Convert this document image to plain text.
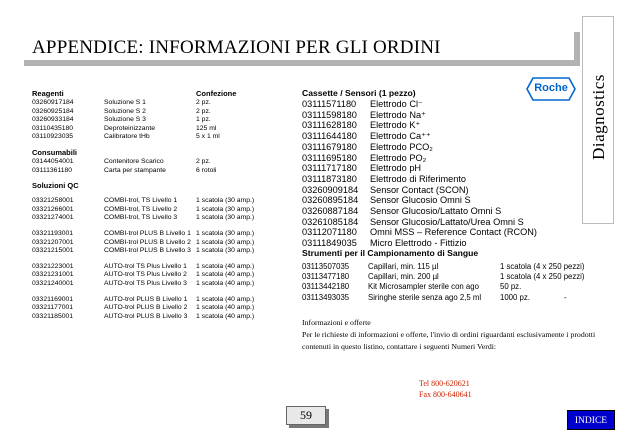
APPENDICE: INFORMAZIONI PER GLI ORDINI
Diagnostics
Roche
Reagenti	Confezione
03260917184	Soluzione S 1	2 pz.
03260925184	Soluzione S 2	2 pz.
03260933184	Soluzione S 3	1 pz.
03110435180	Deproteinizzante	125 ml
03110923035	Calibratore tHb	5 x 1 ml
Consumabili
03144054001	Contenitore Scarico	2 pz.
03111361180	Carta per stampante	6 rotoli
Soluzioni QC
03321258001	COMBI-trol, TS Livello 1	1 scatola (30 amp.)
03321266001	COMBI-trol, TS Livello 2	1 scatola (30 amp.)
03321274001	COMBI-trol, TS Livello 3	1 scatola (30 amp.)
03321193001	COMBI-trol PLUS B Livello 1 1 scatola (30 amp.)
03321207001	COMBI-trol PLUS B Livello 2 1 scatola (30 amp.)
03321215001	COMBI-trol PLUS B Livello 3 1 scatola (30 amp.)
03321223001	AUTO-trol TS Plus Livello 1	1 scatola (40 amp.)
03321231001	AUTO-trol TS Plus Livello 2	1 scatola (40 amp.)
03321240001	AUTO-trol TS Plus Livello 3	1 scatola (40 amp.)
03321169001	AUTO-trol PLUS B Livello 1	1 scatola (40 amp.)
03321177001	AUTO-trol PLUS B Livello 2	1 scatola (40 amp.)
03321185001	AUTO-trol PLUS B Livello 3	1 scatola (40 amp.)
Cassette / Sensori (1 pezzo)
03111571180	Elettrodo Cl⁻
03111598180	Elettrodo Na⁺
03111628180	Elettrodo K⁺
03111644180	Elettrodo Ca⁺⁺
03111679180	Elettrodo PCO₂
03111695180	Elettrodo PO₂
03111717180	Elettrodo pH
03111873180	Elettrodo di Riferimento
03260909184	Sensor Contact (SCON)
03260895184	Sensor Glucosio Omni S
03260887184	Sensor Glucosio/Lattato Omni S
03261085184	Sensor Glucosio/Lattato/Urea Omni S
03112071180	Omni MSS – Reference Contact (RCON)
03111849035	Micro Elettrodo - Fittizio
Strumenti per il Campionamento di Sangue
03113507035	Capillari, min. 115 µl	1 scatola (4 x 250 pezzi)
03113477180	Capillari, min. 200 µl	1 scatola (4 x 250 pezzi)
03113442180	Kit Microsampler sterile con ago	50 pz.
03113493035	Siringhe sterile senza ago 2,5 ml	1000 pz.	-
Informazioni e offerte
Per le richieste di informazioni e offerte, l'invio di ordini riguardanti esclusivamente i prodotti contenuti in questo listino, contattare i seguenti Numeri Verdi:
Tel 800-620621
Fax 800-640641
59	INDICE
